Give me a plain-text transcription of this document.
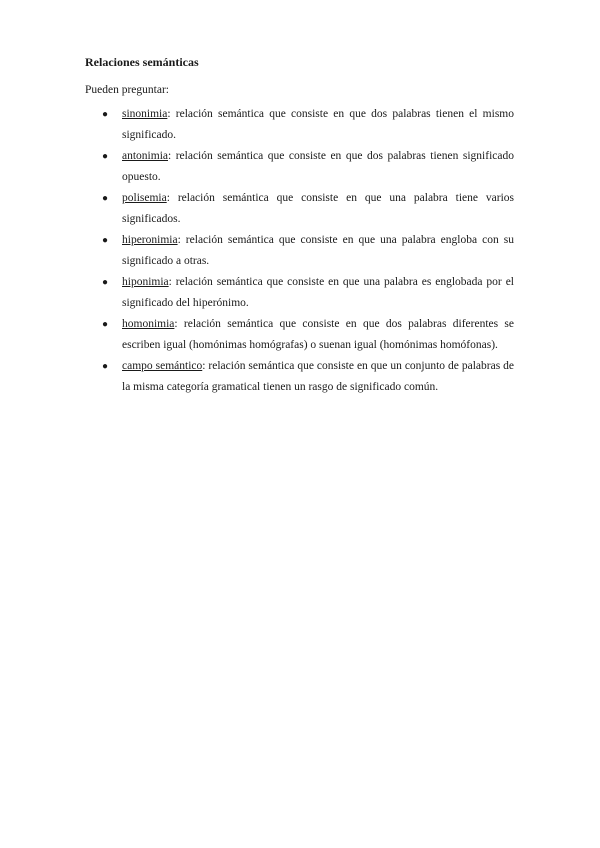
Relaciones semánticas
Pueden preguntar:
●	sinonimia: relación semántica que consiste en que dos palabras tienen el mismo significado.
●	antonimia: relación semántica que consiste en que dos palabras tienen significado opuesto.
●	polisemia: relación semántica que consiste en que una palabra tiene varios significados.
●	hiperonimia: relación semántica que consiste en que una palabra engloba con su significado a otras.
●	hiponimia: relación semántica que consiste en que una palabra es englobada por el significado del hiperónimo.
●	homonimia: relación semántica que consiste en que dos palabras diferentes se escriben igual (homónimas homógrafas) o suenan igual (homónimas homófonas).
●	campo semántico: relación semántica que consiste en que un conjunto de palabras de la misma categoría gramatical tienen un rasgo de significado común.
